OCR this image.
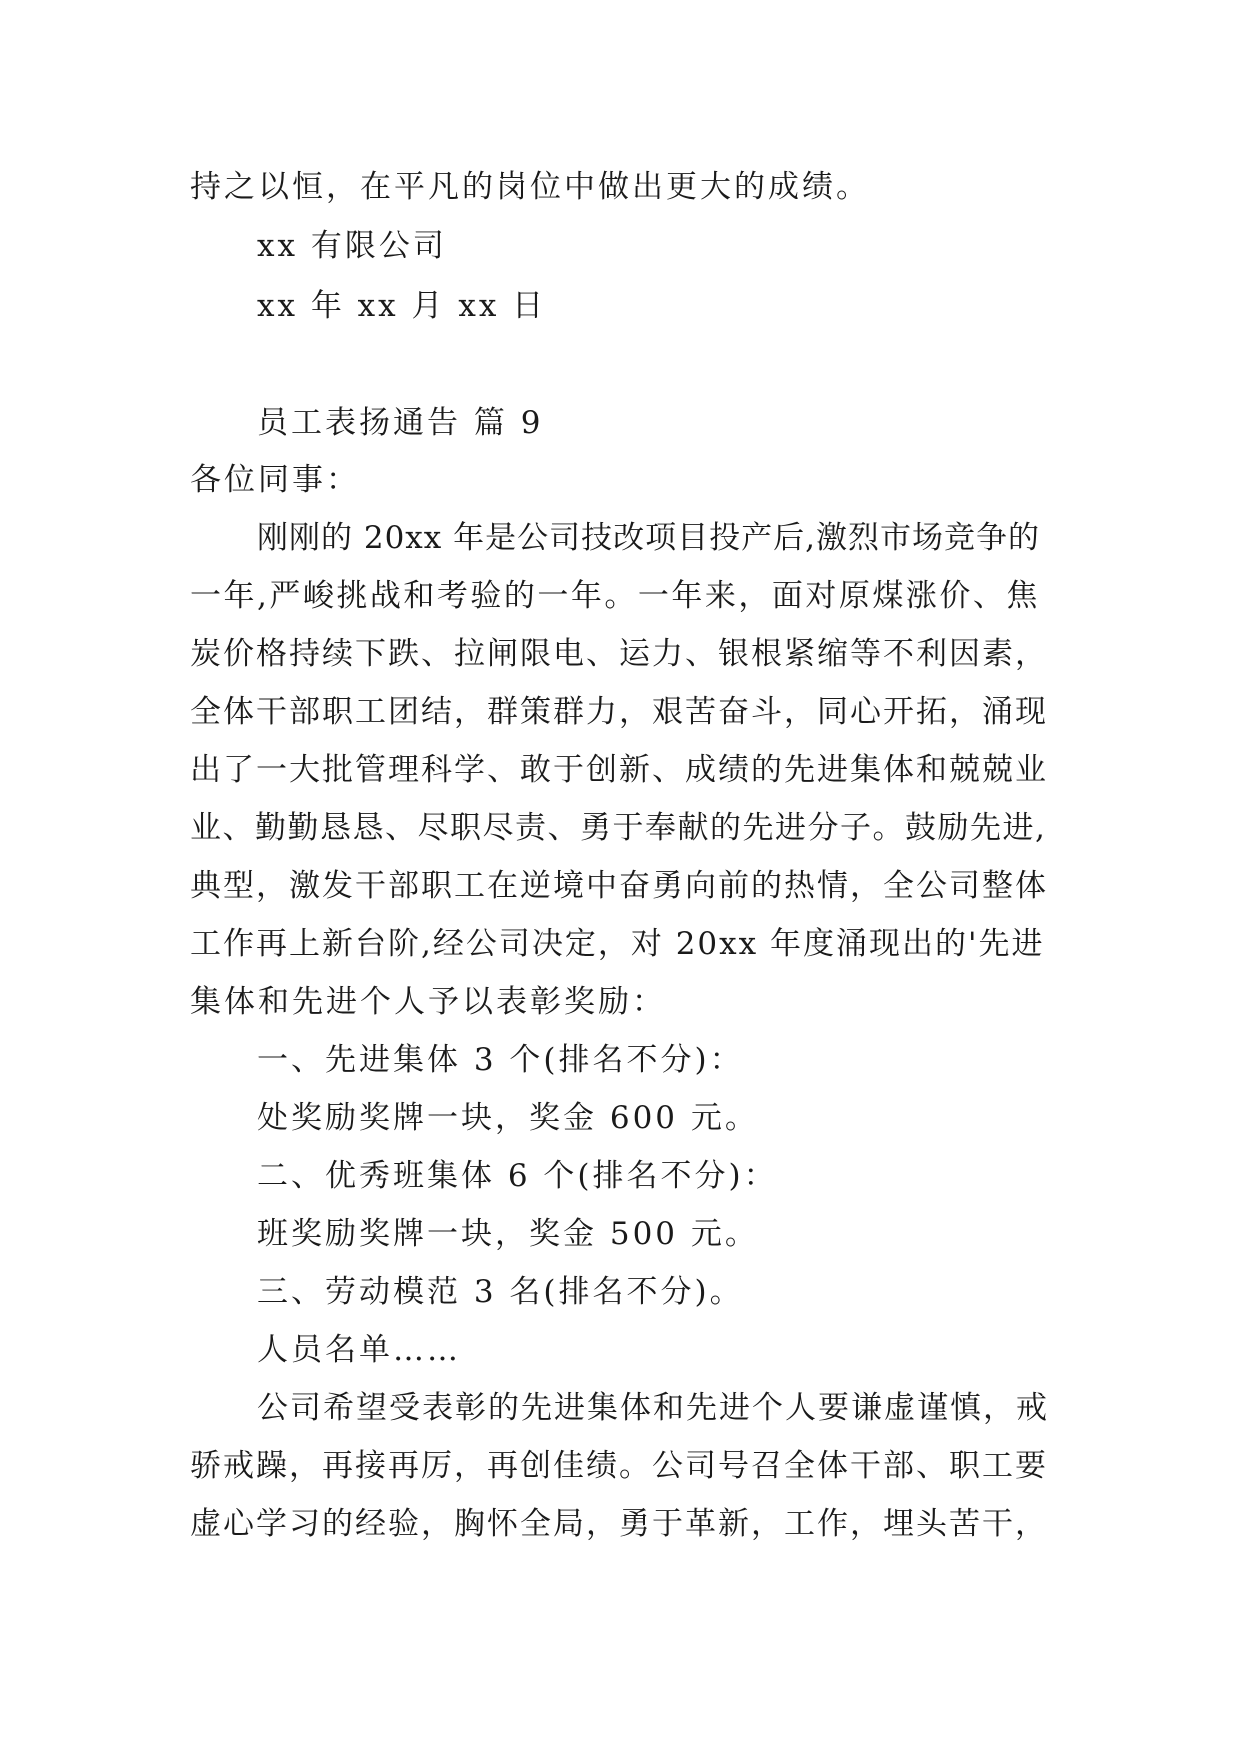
持之以恒，在平凡的岗位中做出更大的成绩。
xx 有限公司
xx 年 xx 月 xx 日
员工表扬通告 篇 9
各位同事：
刚刚的 20xx 年是公司技改项目投产后,激烈市场竞争的
一年,严峻挑战和考验的一年。一年来，面对原煤涨价、焦
炭价格持续下跌、拉闸限电、运力、银根紧缩等不利因素，
全体干部职工团结，群策群力，艰苦奋斗，同心开拓，涌现
出了一大批管理科学、敢于创新、成绩的先进集体和兢兢业
业、勤勤恳恳、尽职尽责、勇于奉献的先进分子。鼓励先进,
典型，激发干部职工在逆境中奋勇向前的热情，全公司整体
工作再上新台阶,经公司决定，对 20xx 年度涌现出的'先进
集体和先进个人予以表彰奖励：
一、先进集体 3 个(排名不分)：
处奖励奖牌一块，奖金 600 元。
二、优秀班集体 6 个(排名不分)：
班奖励奖牌一块，奖金 500 元。
三、劳动模范 3 名(排名不分)。
人员名单……
公司希望受表彰的先进集体和先进个人要谦虚谨慎，戒
骄戒躁，再接再厉，再创佳绩。公司号召全体干部、职工要
虚心学习的经验，胸怀全局，勇于革新，工作，埋头苦干，
